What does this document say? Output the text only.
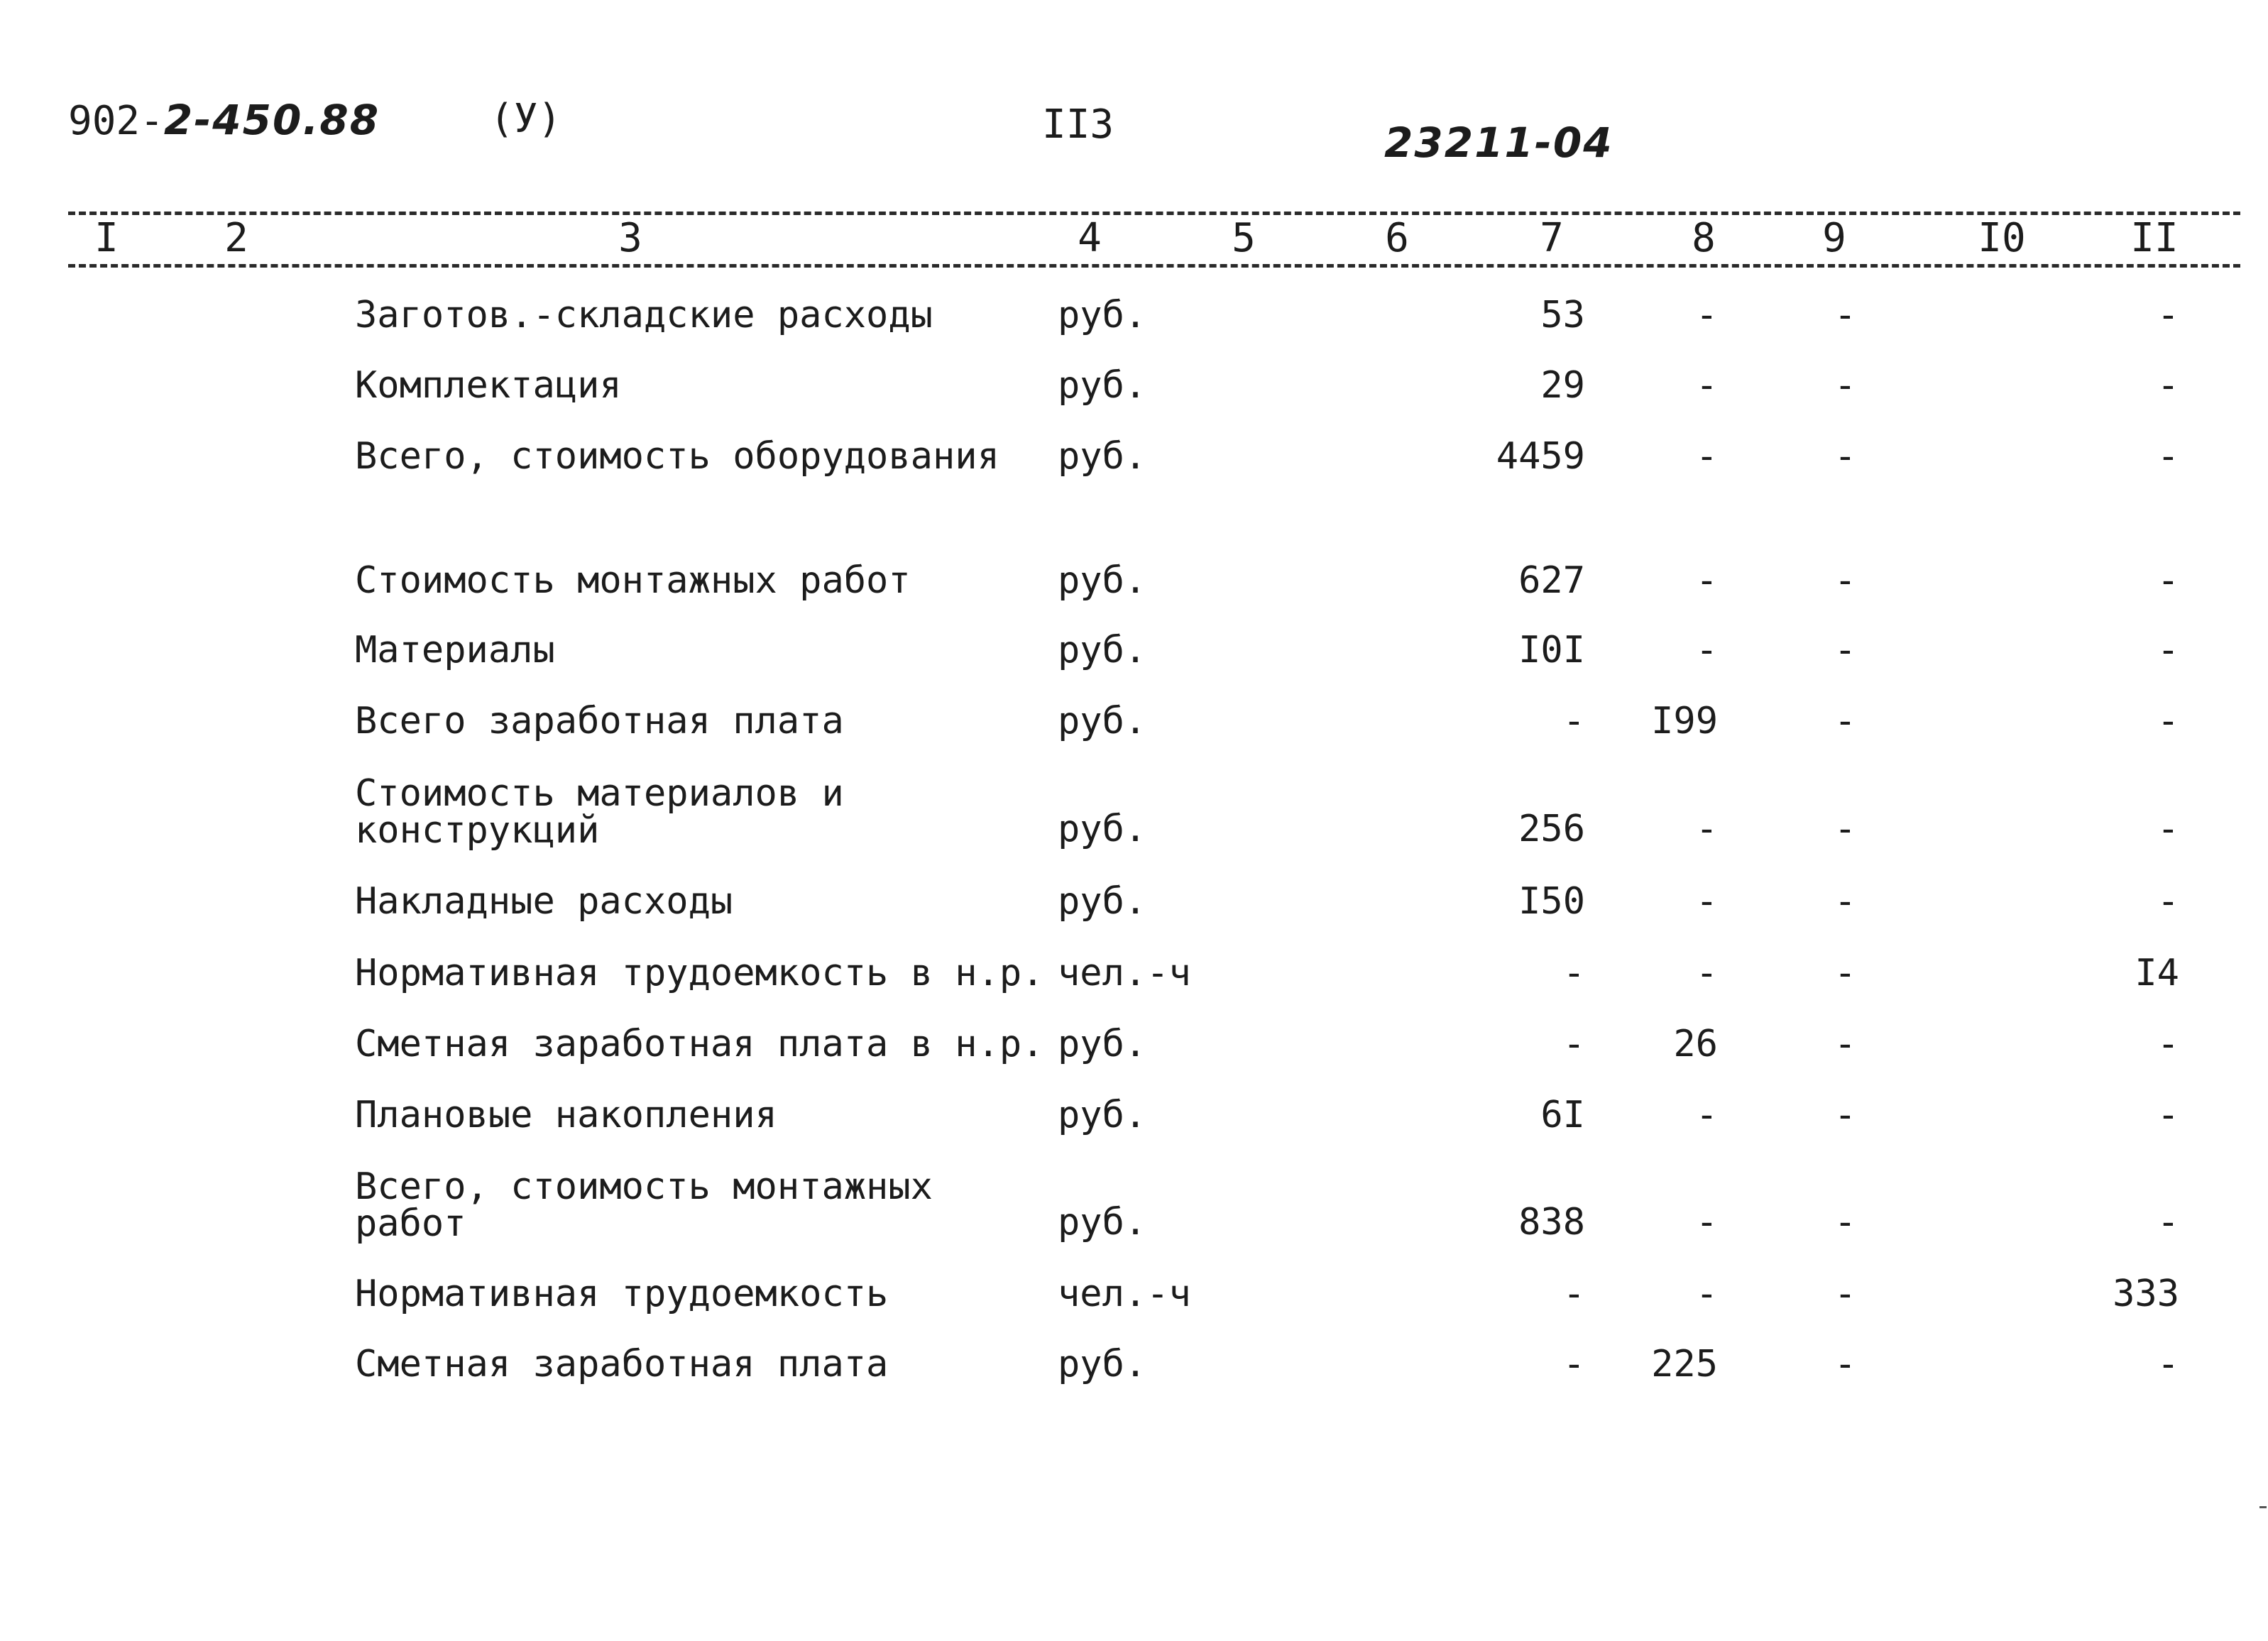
902-2-450.88	(У)	II3	23211-04
I	2	3	4	5	6	7	8	9	I0	II
Заготов.-складские расходы	руб.	53	-	-	-
Комплектация	руб.	29	-	-	-
Всего, стоимость оборудования руб.	4459	-	-	-
Стоимость монтажных работ	руб.	627	-	-	-
Материалы	руб.	I0I	-	-	-
Всего заработная плата	руб.	- I99	-	-
Стоимость материалов и
конструкций	руб.	256	-	-	-
Накладные расходы	руб.	I50	-	-	-
Нормативная трудоемкость в н.р. чел.-ч	-	-	-	I4
Сметная заработная плата в н.р. руб.	- 26	-	-
Плановые накопления	руб.	6I	-	-	-
Всего, стоимость монтажных
работ	руб.	838	-	-	-
Нормативная трудоемкость	чел.-ч	-	-	-	333
Сметная заработная плата	руб.	- 225	-	-
